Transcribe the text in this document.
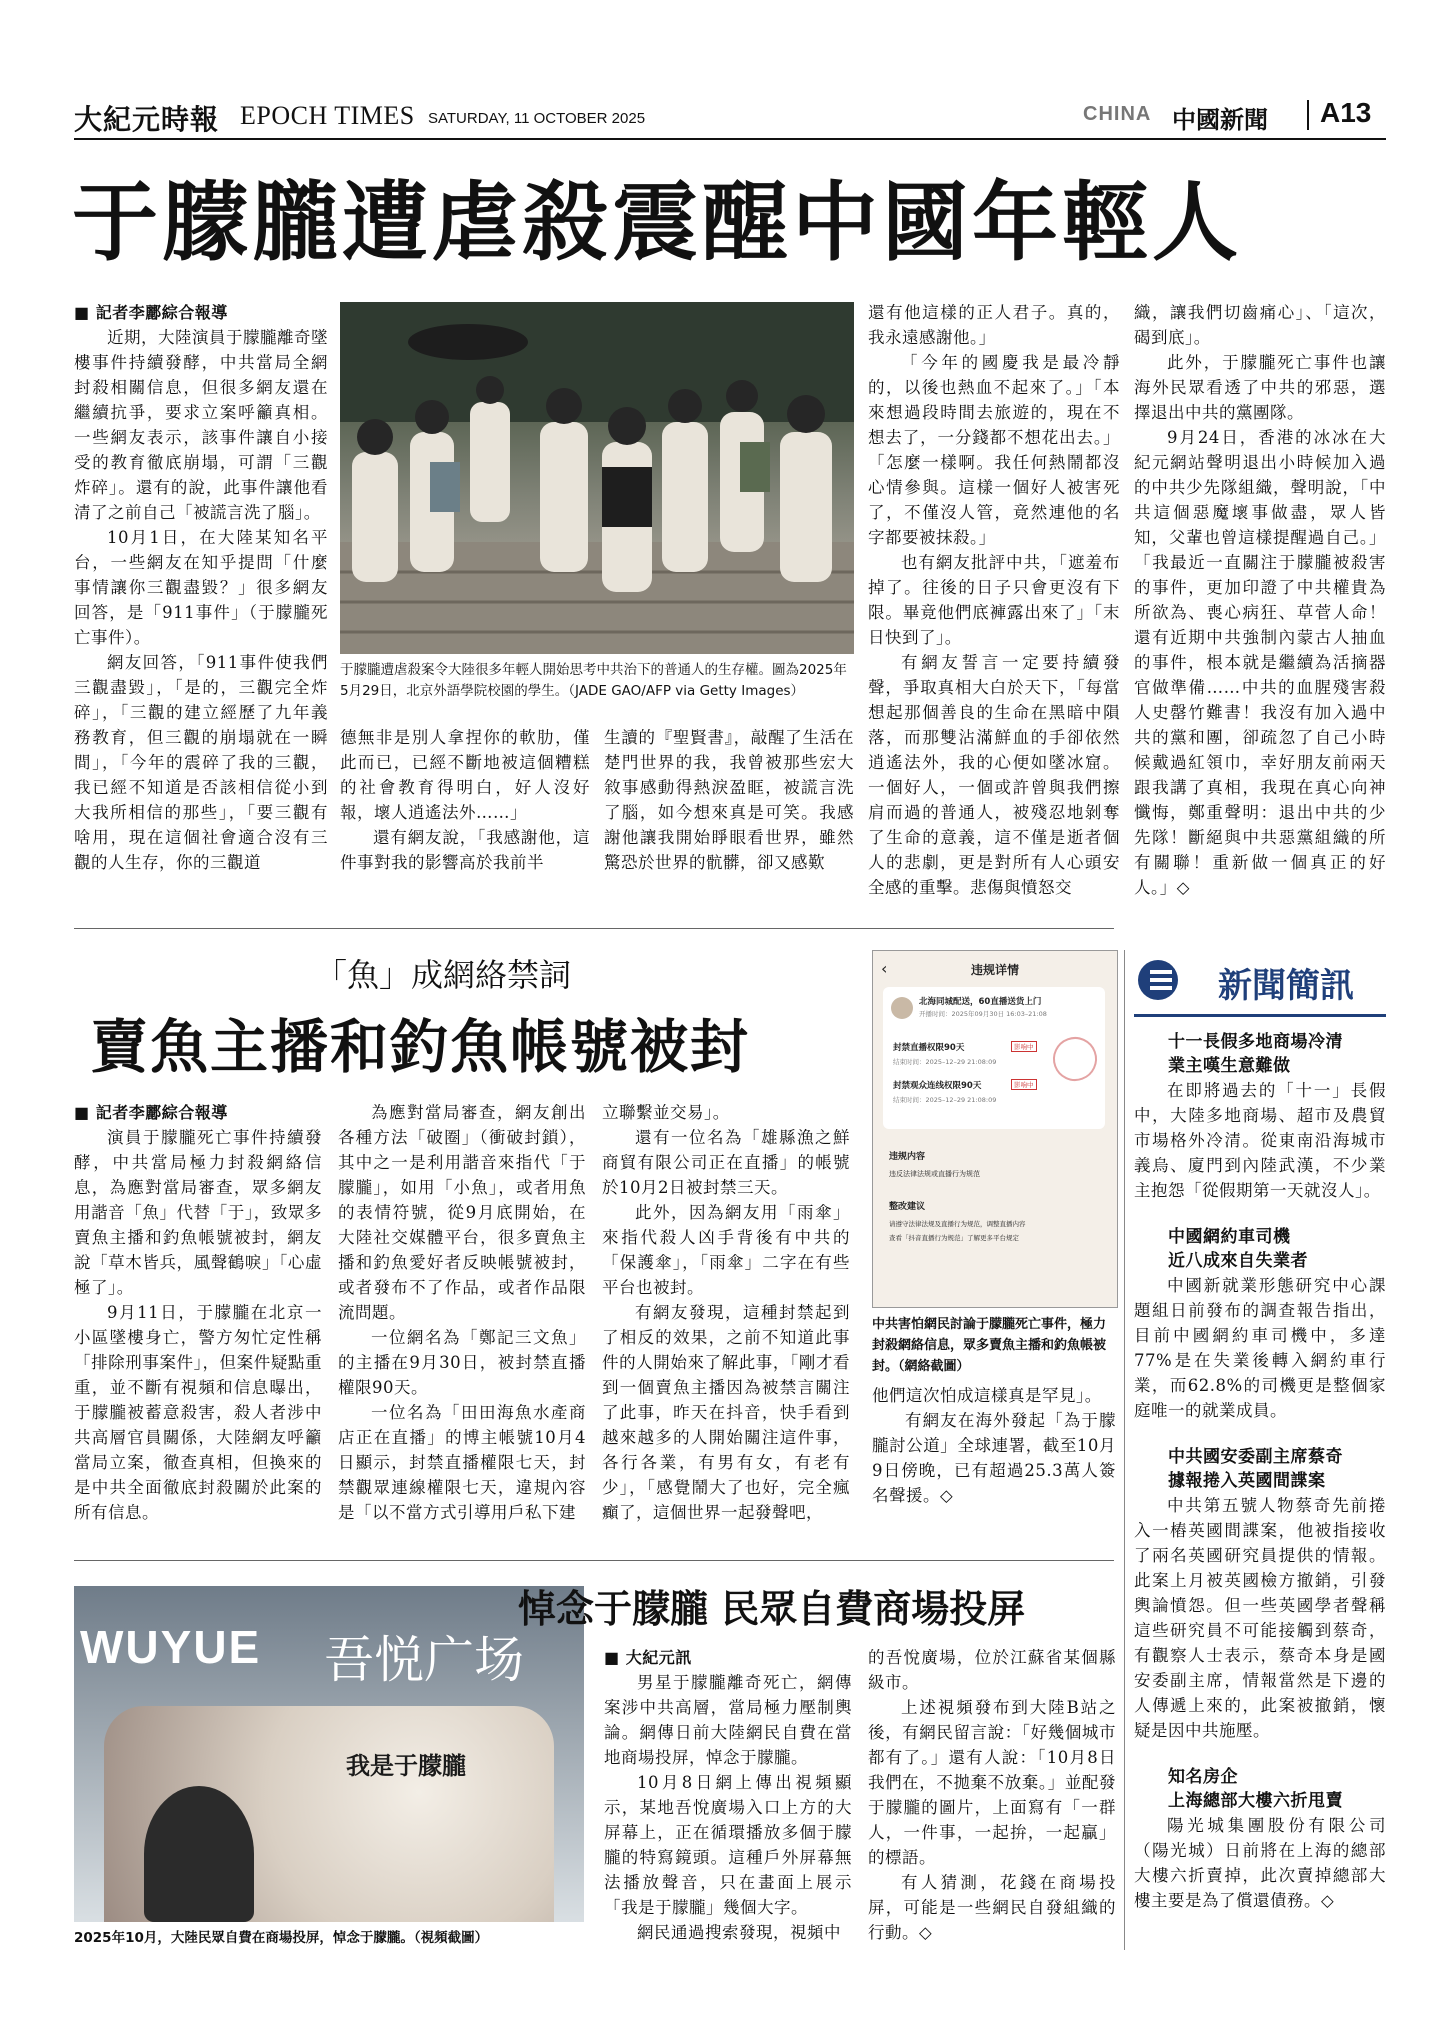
大紀元時報 EPOCH TIMES SATURDAY, 11 OCTOBER 2025	CHINA 中國新聞 A13
于朦朧遭虐殺震醒中國年輕人

■ 記者李酈綜合報導

近期，大陸演員于朦朧離奇墜樓事件持續發酵，中共當局全網封殺相關信息，但很多網友還在繼續抗爭，要求立案呼籲真相。一些網友表示，該事件讓自小接受的教育徹底崩塌，可謂「三觀炸碎」。還有的說，此事件讓他看清了之前自己「被謊言洗了腦」。

10月1日，在大陸某知名平台，一些網友在知乎提問「什麼事情讓你三觀盡毀？」很多網友回答，是「911事件」（于朦朧死亡事件）。

網友回答，「911事件使我們三觀盡毀」，「是的，三觀完全炸碎」，「三觀的建立經歷了九年義務教育，但三觀的崩塌就在一瞬間」，「今年的震碎了我的三觀，我已經不知道是否該相信從小到大我所相信的那些」，「要三觀有啥用，現在這個社會適合沒有三觀的人生存，你的三觀道

于朦朧遭虐殺案令大陸很多年輕人開始思考中共治下的普通人的生存權。圖為2025年5月29日，北京外語學院校園的學生。（JADE GAO/AFP via Getty Images）

德無非是別人拿捏你的軟肋，僅此而已，已經不斷地被這個糟糕的社會教育得明白，好人沒好報，壞人逍遙法外……」

還有網友說，「我感謝他，這件事對我的影響高於我前半

生讀的『聖賢書』，敲醒了生活在楚門世界的我，我曾被那些宏大敘事感動得熱淚盈眶，被謊言洗了腦，如今想來真是可笑。我感謝他讓我開始睜眼看世界，雖然驚恐於世界的骯髒，卻又感歎

還有他這樣的正人君子。真的，我永遠感謝他。」

「今年的國慶我是最冷靜的，以後也熱血不起來了。」「本來想過段時間去旅遊的，現在不想去了，一分錢都不想花出去。」「怎麼一樣啊。我任何熱鬧都沒心情參與。這樣一個好人被害死了，不僅沒人管，竟然連他的名字都要被抹殺。」

也有網友批評中共，「遮羞布掉了。往後的日子只會更沒有下限。畢竟他們底褲露出來了」「末日快到了」。

有網友誓言一定要持續發聲，爭取真相大白於天下，「每當想起那個善良的生命在黑暗中隕落，而那雙沾滿鮮血的手卻依然逍遙法外，我的心便如墜冰窟。一個好人，一個或許曾與我們擦肩而過的普通人，被殘忍地剝奪了生命的意義，這不僅是逝者個人的悲劇，更是對所有人心頭安全感的重擊。悲傷與憤怒交

織，讓我們切齒痛心」、「這次，碣到底」。

此外，于朦朧死亡事件也讓海外民眾看透了中共的邪惡，選擇退出中共的黨團隊。

9月24日，香港的冰冰在大紀元網站聲明退出小時候加入過的中共少先隊組織，聲明說，「中共這個惡魔壞事做盡，眾人皆知，父輩也曾這樣提醒過自己。」「我最近一直關注于朦朧被殺害的事件，更加印證了中共權貴為所欲為、喪心病狂、草菅人命！還有近期中共強制內蒙古人抽血的事件，根本就是繼續為活摘器官做準備……中共的血腥殘害殺人史罄竹難書！我沒有加入過中共的黨和團，卻疏忽了自己小時候戴過紅領巾，幸好朋友前兩天跟我講了真相，我現在真心向神懺悔，鄭重聲明：退出中共的少先隊！斷絕與中共惡黨組織的所有關聯！重新做一個真正的好人。」◇

「魚」成網絡禁詞
賣魚主播和釣魚帳號被封

■ 記者李酈綜合報導

演員于朦朧死亡事件持續發酵，中共當局極力封殺網絡信息，為應對當局審查，眾多網友用諧音「魚」代替「于」，致眾多賣魚主播和釣魚帳號被封，網友說「草木皆兵，風聲鶴唳」「心虛極了」。

9月11日，于朦朧在北京一小區墜樓身亡，警方匆忙定性稱「排除刑事案件」，但案件疑點重重，並不斷有視頻和信息曝出，于朦朧被蓄意殺害，殺人者涉中共高層官員關係，大陸網友呼籲當局立案，徹查真相，但換來的是中共全面徹底封殺關於此案的所有信息。

為應對當局審查，網友創出各種方法「破圈」（衝破封鎖），其中之一是利用諧音來指代「于朦朧」，如用「小魚」，或者用魚的表情符號，從9月底開始，在大陸社交媒體平台，很多賣魚主播和釣魚愛好者反映帳號被封，或者發布不了作品，或者作品限流問題。

一位網名為「鄭記三文魚」的主播在9月30日，被封禁直播權限90天。

一位名為「田田海魚水產商店正在直播」的博主帳號10月4日顯示，封禁直播權限七天，封禁觀眾連線權限七天，違規內容是「以不當方式引導用戶私下建

立聯繫並交易」。

還有一位名為「雄縣漁之鮮商貿有限公司正在直播」的帳號於10月2日被封禁三天。

此外，因為網友用「雨傘」來指代殺人凶手背後有中共的「保護傘」，「雨傘」二字在有些平台也被封。

有網友發現，這種封禁起到了相反的效果，之前不知道此事件的人開始來了解此事，「剛才看到一個賣魚主播因為被禁言關注了此事，昨天在抖音，快手看到越來越多的人開始關注這件事，各行各業，有男有女，有老有少」，「感覺鬧大了也好，完全瘋癲了，這個世界一起發聲吧，

‹	违规详情
北海同城配送，60直播送货上门
开播时间：2025年09月30日 16:03–21:08
封禁直播权限90天	影响中
结束时间：2025–12–29 21:08:09
封禁观众连线权限90天	影响中
结束时间：2025–12–29 21:08:09
违规内容
违反法律法规或直播行为规范
整改建议
请遵守法律法规及直播行为规范，调整直播内容
查看「抖音直播行为规范」了解更多平台规定
中共害怕網民討論于朦朧死亡事件，極力封殺網絡信息，眾多賣魚主播和釣魚帳被封。（網絡截圖）

他們這次怕成這樣真是罕見」。

有網友在海外發起「為于朦朧討公道」全球連署，截至10月9日傍晚，已有超過25.3萬人簽名聲援。◇

新聞簡訊

十一長假多地商場冷清

業主嘆生意難做

在即將過去的「十一」長假中，大陸多地商場、超市及農貿市場格外冷清。從東南沿海城市義烏、廈門到內陸武漢，不少業主抱怨「從假期第一天就沒人」。

中國網約車司機

近八成來自失業者

中國新就業形態研究中心課題組日前發布的調查報告指出，目前中國網約車司機中，多達77%是在失業後轉入網約車行業，而62.8%的司機更是整個家庭唯一的就業成員。

中共國安委副主席蔡奇

據報捲入英國間諜案

中共第五號人物蔡奇先前捲入一樁英國間諜案，他被指接收了兩名英國研究員提供的情報。此案上月被英國檢方撤銷，引發輿論憤怨。但一些英國學者聲稱這些研究員不可能接觸到蔡奇，有觀察人士表示，蔡奇本身是國安委副主席，情報當然是下邊的人傳遞上來的，此案被撤銷，懷疑是因中共施壓。

知名房企

上海總部大樓六折甩賣

陽光城集團股份有限公司（陽光城）日前將在上海的總部大樓六折賣掉，此次賣掉總部大樓主要是為了償還債務。◇

WUYUE 吾悦广场
我是于朦朧
2025年10月，大陸民眾自費在商場投屏，悼念于朦朧。（視頻截圖）
悼念于朦朧 民眾自費商場投屏

■ 大紀元訊

男星于朦朧離奇死亡，網傳案涉中共高層，當局極力壓制輿論。網傳日前大陸網民自費在當地商場投屏，悼念于朦朧。

10月8日網上傳出視頻顯示，某地吾悅廣場入口上方的大屏幕上，正在循環播放多個于朦朧的特寫鏡頭。這種戶外屏幕無法播放聲音，只在畫面上展示「我是于朦朧」幾個大字。

網民通過搜索發現，視頻中

的吾悅廣場，位於江蘇省某個縣級市。

上述視頻發布到大陸B站之後，有網民留言說：「好幾個城市都有了。」還有人說：「10月8日我們在，不拋棄不放棄。」並配發于朦朧的圖片，上面寫有「一群人，一件事，一起拚，一起贏」的標語。

有人猜測，花錢在商場投屏，可能是一些網民自發組織的行動。◇
